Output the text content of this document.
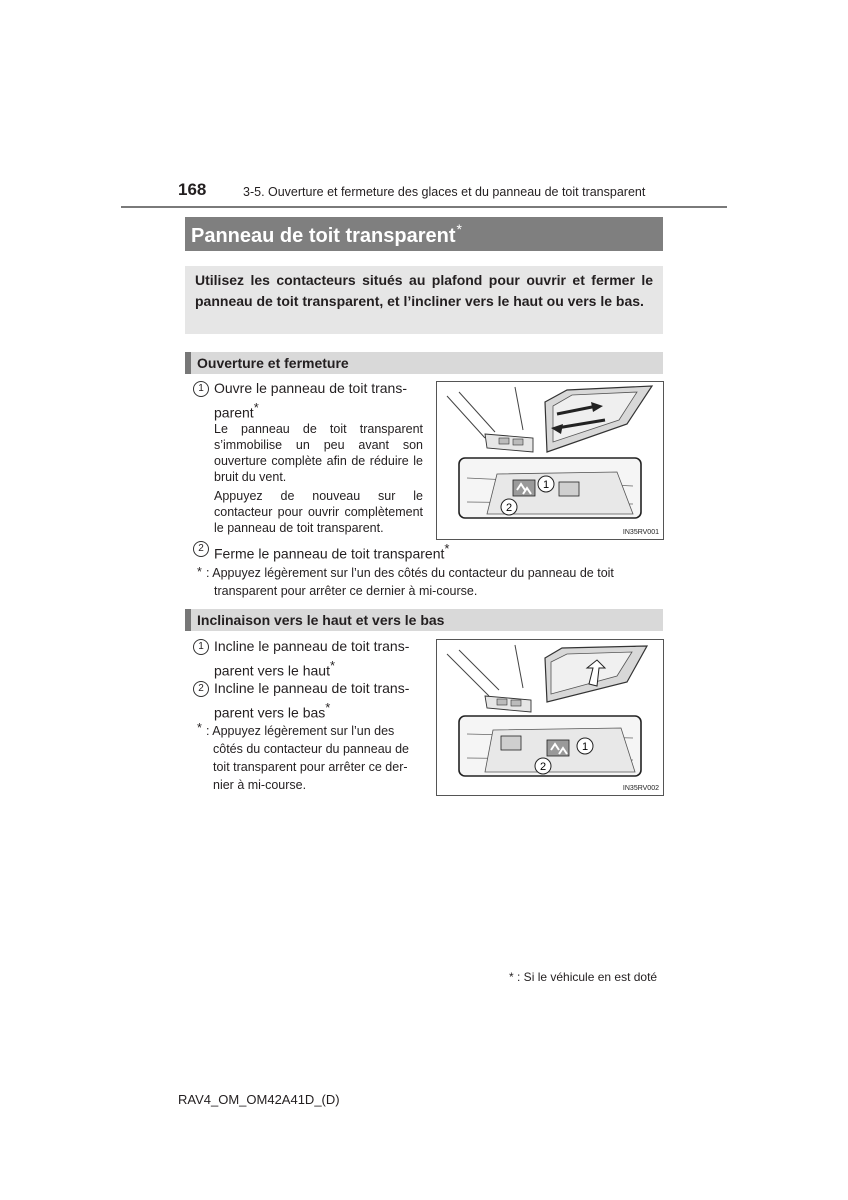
168	3-5. Ouverture et fermeture des glaces et du panneau de toit transparent
Panneau de toit transparent*
Utilisez les contacteurs situés au plafond pour ouvrir et fermer le panneau de toit transparent, et l’incliner vers le haut ou vers le bas.
Ouverture et fermeture
1 Ouvre le panneau de toit trans-
parent*
Le panneau de toit transparent s’immobilise un peu avant son ouverture complète afin de réduire le bruit du vent.
Appuyez de nouveau sur le contacteur pour ouvrir complètement le panneau de toit transparent.
2 Ferme le panneau de toit transparent*
* : Appuyez légèrement sur l’un des côtés du contacteur du panneau de toit
transparent pour arrêter ce dernier à mi-course.
1
2
IN35RV001
Inclinaison vers le haut et vers le bas
1 Incline le panneau de toit trans-
parent vers le haut*
2 Incline le panneau de toit trans-
parent vers le bas*
* : Appuyez légèrement sur l’un des
côtés du contacteur du panneau de
toit transparent pour arrêter ce der-
nier à mi-course.
1
2
IN35RV002
* : Si le véhicule en est doté
RAV4_OM_OM42A41D_(D)
